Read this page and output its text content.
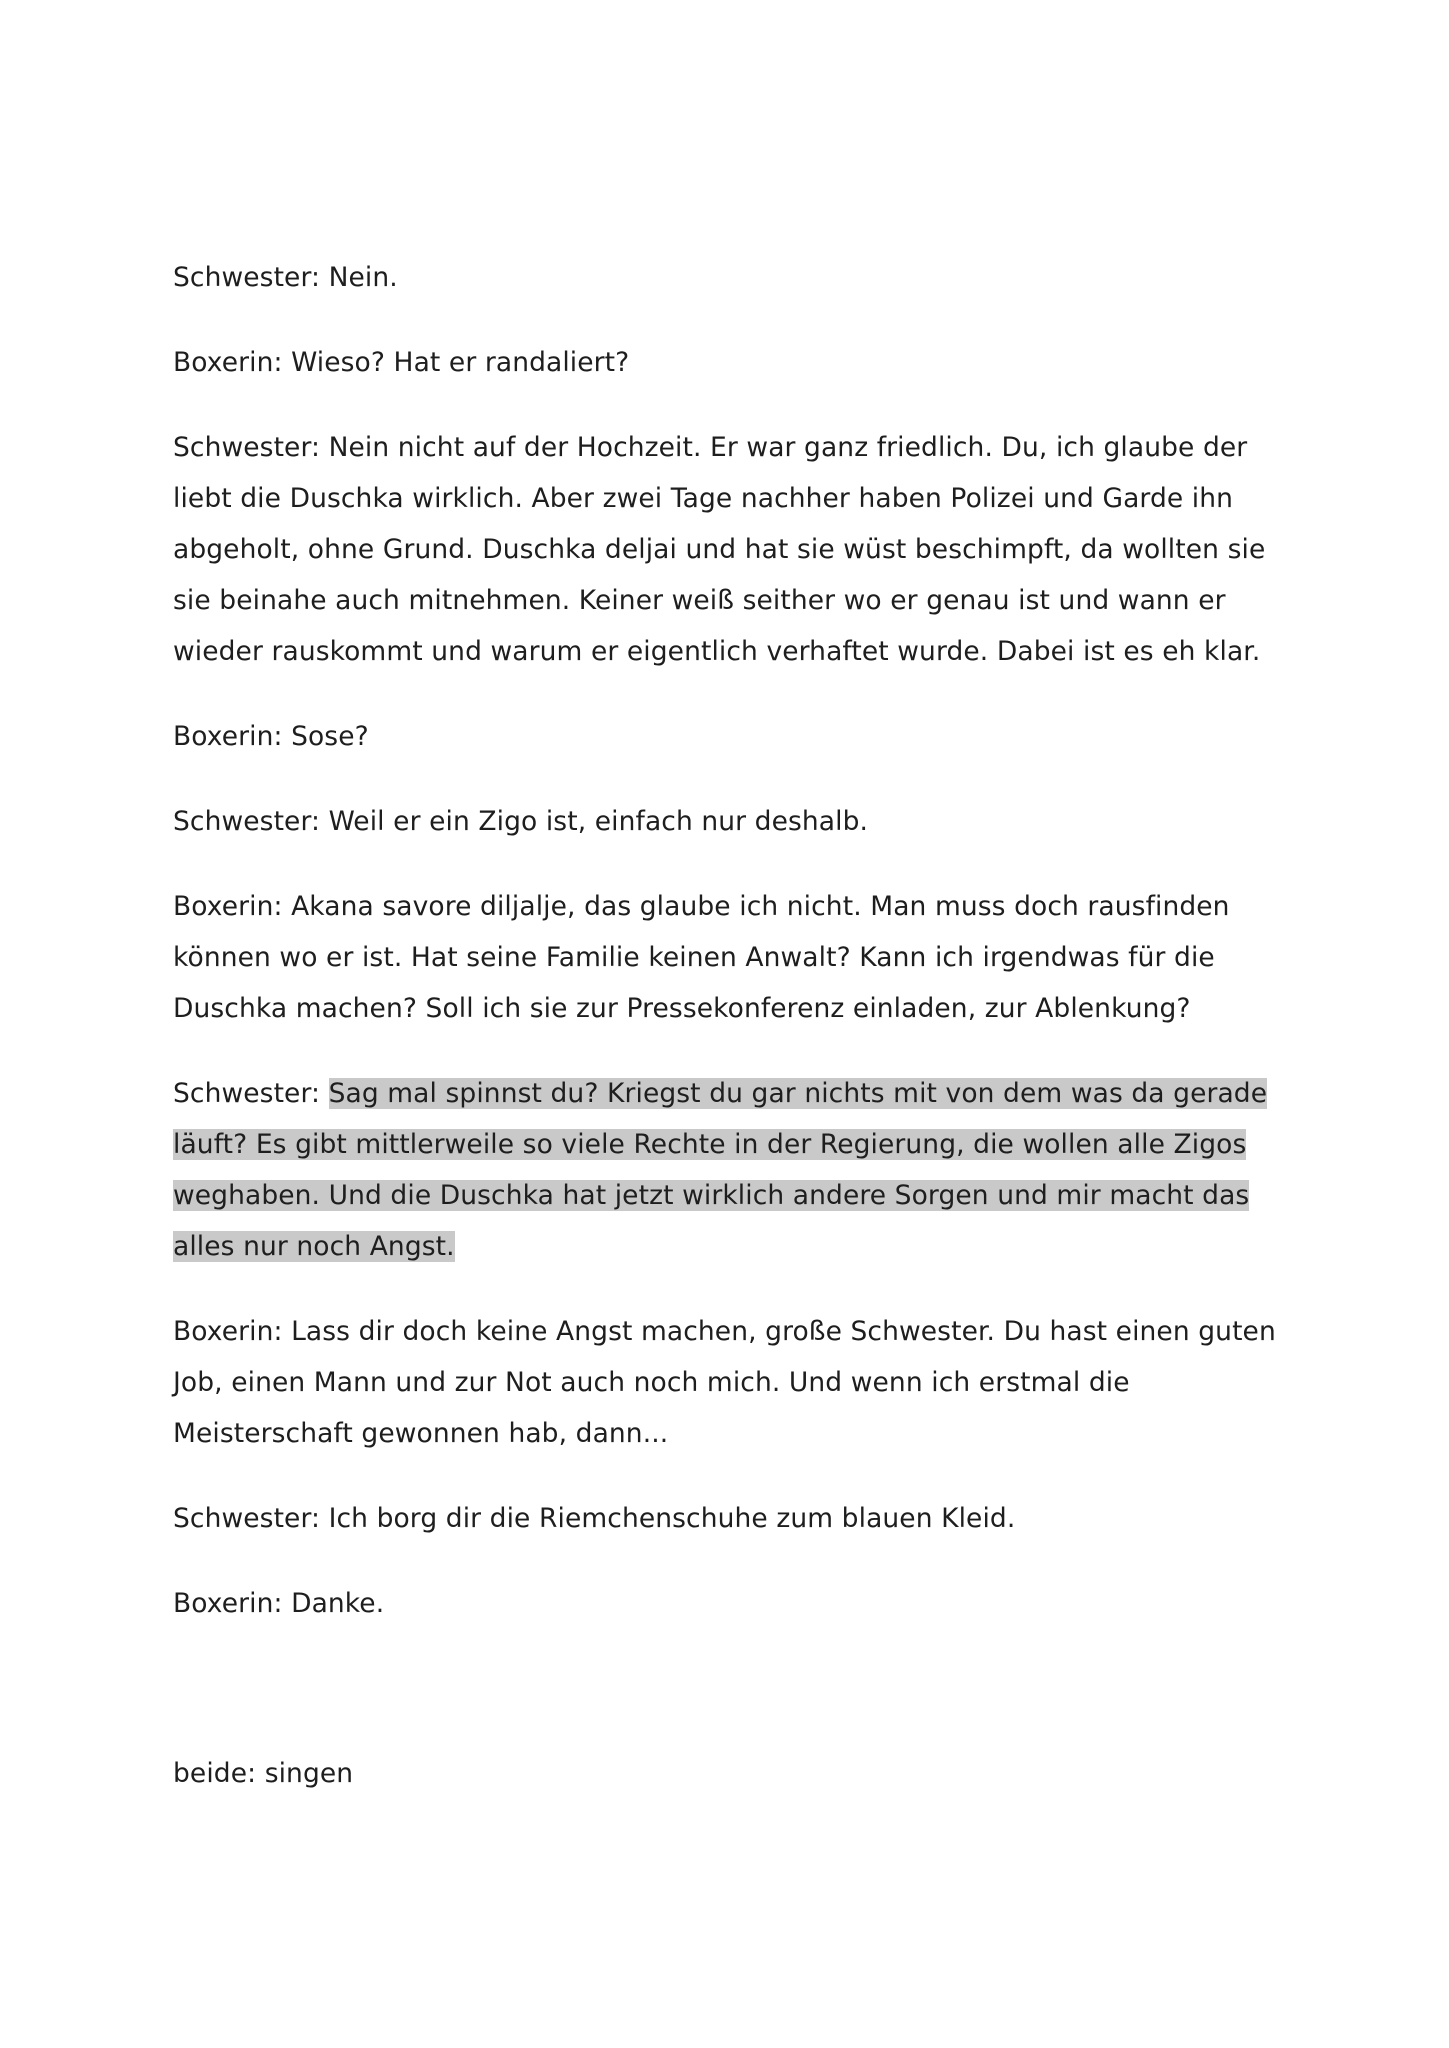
Schwester: Nein.

Boxerin: Wieso? Hat er randaliert?

Schwester: Nein nicht auf der Hochzeit. Er war ganz friedlich. Du, ich glaube der liebt die Duschka wirklich. Aber zwei Tage nachher haben Polizei und Garde ihn abgeholt, ohne Grund. Duschka deljai und hat sie wüst beschimpft, da wollten sie sie beinahe auch mitnehmen. Keiner weiß seither wo er genau ist und wann er wieder rauskommt und warum er eigentlich verhaftet wurde. Dabei ist es eh klar.

Boxerin: Sose?

Schwester: Weil er ein Zigo ist, einfach nur deshalb.

Boxerin: Akana savore diljalje, das glaube ich nicht. Man muss doch rausfinden können wo er ist. Hat seine Familie keinen Anwalt? Kann ich irgendwas für die Duschka machen? Soll ich sie zur Pressekonferenz einladen, zur Ablenkung?

Schwester: Sag mal spinnst du? Kriegst du gar nichts mit von dem was da gerade läuft? Es gibt mittlerweile so viele Rechte in der Regierung, die wollen alle Zigos weghaben. Und die Duschka hat jetzt wirklich andere Sorgen und mir macht das alles nur noch Angst.

Boxerin: Lass dir doch keine Angst machen, große Schwester. Du hast einen guten Job, einen Mann und zur Not auch noch mich. Und wenn ich erstmal die Meisterschaft gewonnen hab, dann...

Schwester: Ich borg dir die Riemchenschuhe zum blauen Kleid.

Boxerin: Danke.

beide: singen
